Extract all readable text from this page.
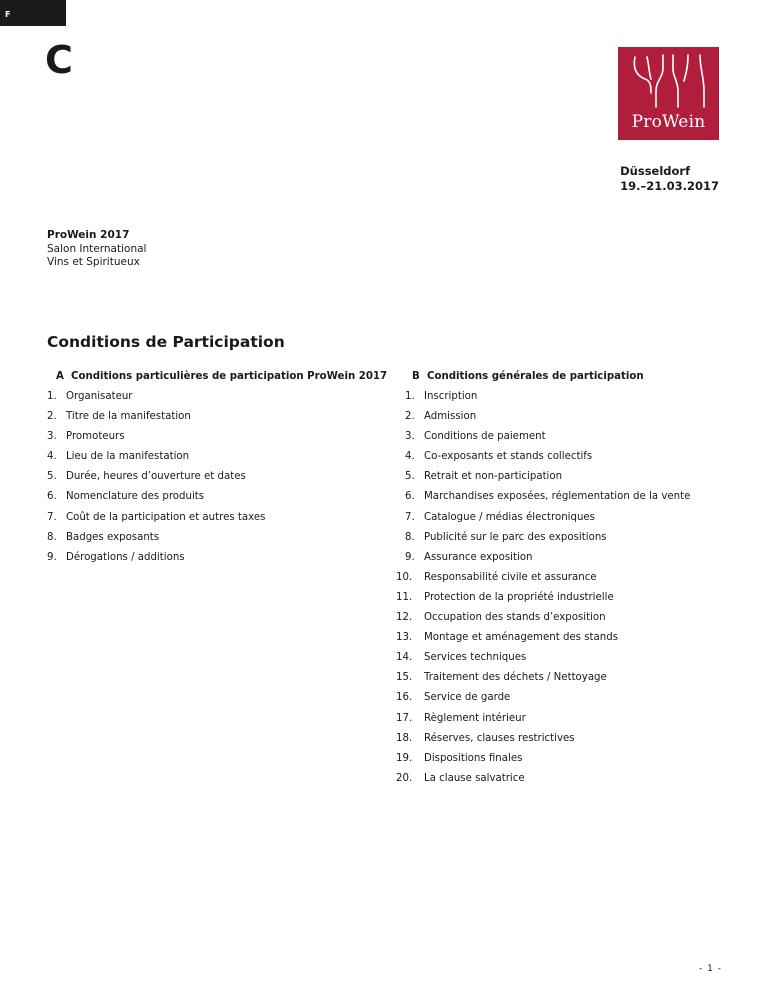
F
C
ProWein
Düsseldorf
19.–21.03.2017
ProWein 2017
Salon International
Vins et Spiritueux
Conditions de Participation
A Conditions particulières de participation ProWein 2017
1. Organisateur
2. Titre de la manifestation
3. Promoteurs
4. Lieu de la manifestation
5. Durée, heures d’ouverture et dates
6. Nomenclature des produits
7. Coût de la participation et autres taxes
8. Badges exposants
9. Dérogations / additions
B Conditions générales de participation
1. Inscription
2. Admission
3. Conditions de paiement
4. Co-exposants et stands collectifs
5. Retrait et non-participation
6. Marchandises exposées, réglementation de la vente
7. Catalogue / médias électroniques
8. Publicité sur le parc des expositions
9. Assurance exposition
10.	Responsabilité civile et assurance
11.	Protection de la propriété industrielle
12.	Occupation des stands d’exposition
13.	Montage et aménagement des stands
14.	Services techniques
15.	Traitement des déchets / Nettoyage
16.	Service de garde
17.	Règlement intérieur
18.	Réserves, clauses restrictives
19.	Dispositions finales
20.	La clause salvatrice
- 1 -
